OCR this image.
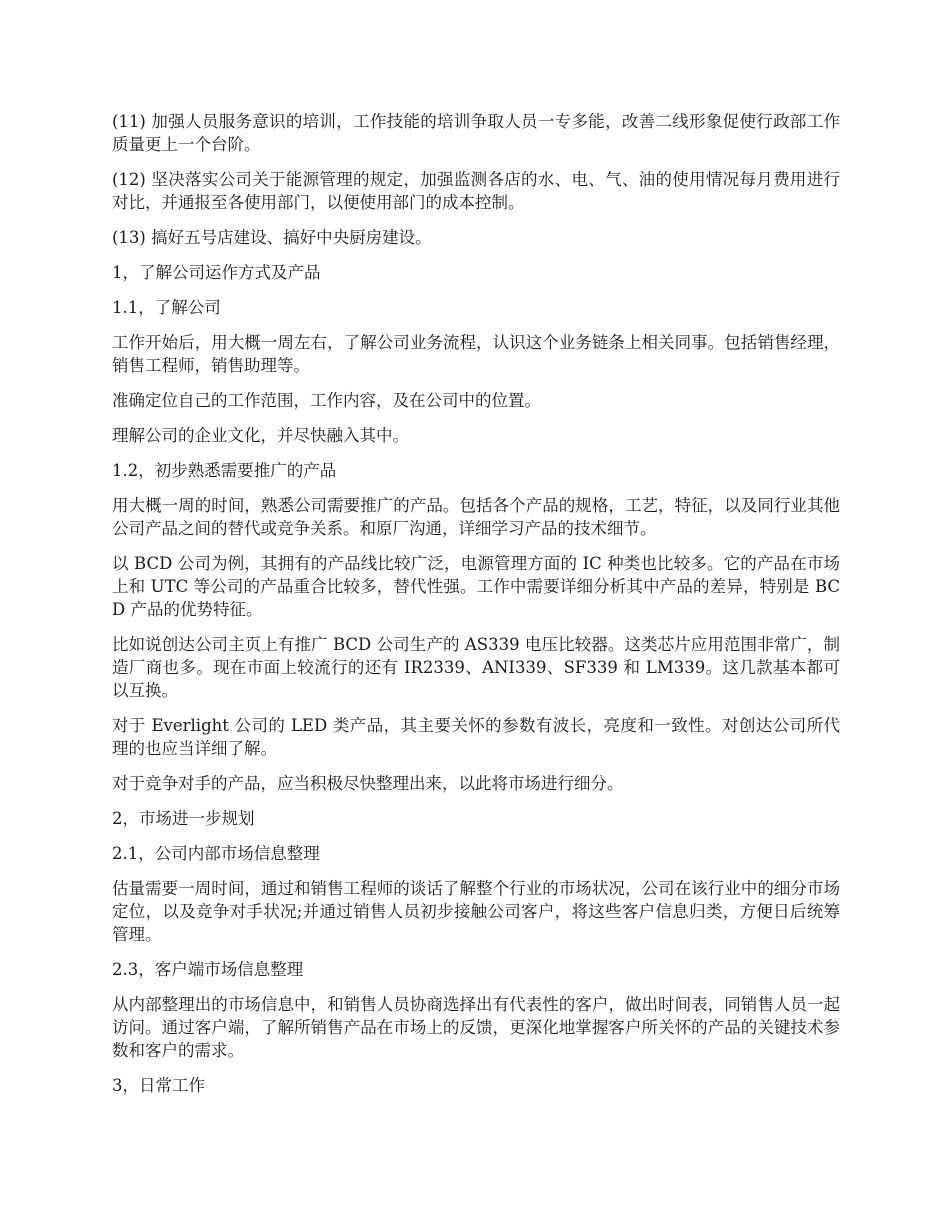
(11) 加强人员服务意识的培训，工作技能的培训争取人员一专多能，改善二线形象促使行政部工作质量更上一个台阶。

(12) 坚决落实公司关于能源管理的规定，加强监测各店的水、电、气、油的使用情况每月费用进行对比，并通报至各使用部门，以便使用部门的成本控制。

(13) 搞好五号店建设、搞好中央厨房建设。

1，了解公司运作方式及产品

1.1，了解公司

工作开始后，用大概一周左右，了解公司业务流程，认识这个业务链条上相关同事。包括销售经理，销售工程师，销售助理等。

准确定位自己的工作范围，工作内容，及在公司中的位置。

理解公司的企业文化，并尽快融入其中。

1.2，初步熟悉需要推广的产品

用大概一周的时间，熟悉公司需要推广的产品。包括各个产品的规格，工艺，特征，以及同行业其他公司产品之间的替代或竞争关系。和原厂沟通，详细学习产品的技术细节。

以 BCD 公司为例，其拥有的产品线比较广泛，电源管理方面的 IC 种类也比较多。它的产品在市场上和 UTC 等公司的产品重合比较多，替代性强。工作中需要详细分析其中产品的差异，特别是 BCD 产品的优势特征。

比如说创达公司主页上有推广 BCD 公司生产的 AS339 电压比较器。这类芯片应用范围非常广，制造厂商也多。现在市面上较流行的还有 IR2339、ANI339、SF339 和 LM339。这几款基本都可以互换。

对于 Everlight 公司的 LED 类产品，其主要关怀的参数有波长，亮度和一致性。对创达公司所代理的也应当详细了解。

对于竞争对手的产品，应当积极尽快整理出来，以此将市场进行细分。

2，市场进一步规划

2.1，公司内部市场信息整理

估量需要一周时间，通过和销售工程师的谈话了解整个行业的市场状况，公司在该行业中的细分市场定位，以及竞争对手状况;并通过销售人员初步接触公司客户，将这些客户信息归类，方便日后统筹管理。

2.3，客户端市场信息整理

从内部整理出的市场信息中，和销售人员协商选择出有代表性的客户，做出时间表，同销售人员一起访问。通过客户端，了解所销售产品在市场上的反馈，更深化地掌握客户所关怀的产品的关键技术参数和客户的需求。

3，日常工作
